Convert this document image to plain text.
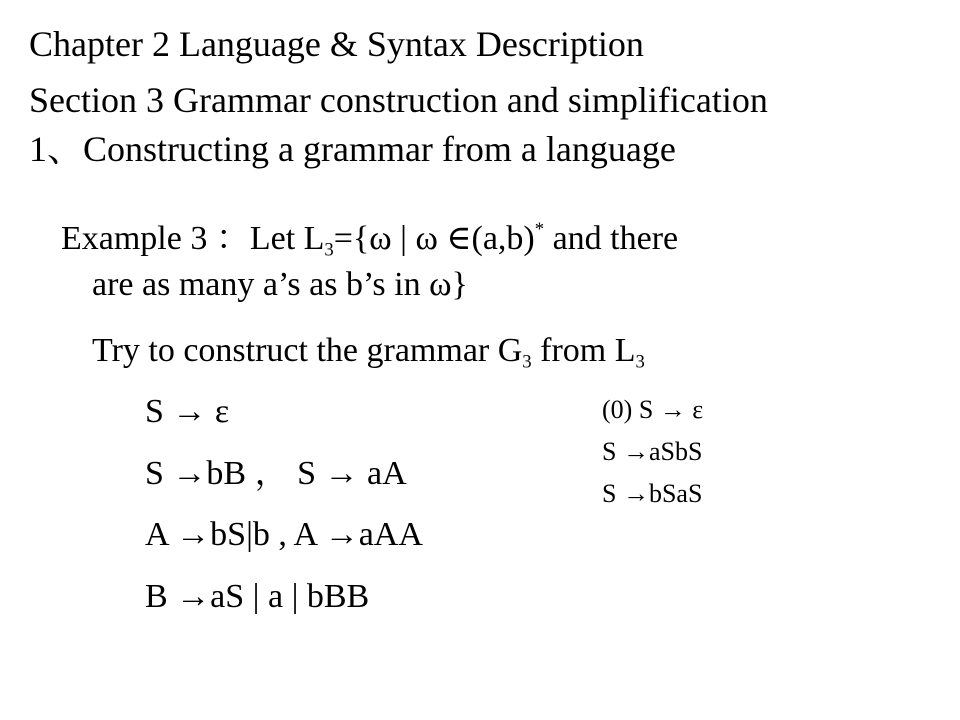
Chapter 2 Language & Syntax Description
Section 3 Grammar construction and simplification
1、Constructing a grammar from a language
Example 3 ：Let $L_3=\{\omega$ | ω ∈(a,b)* and there
are as many a’s as b’s in ω}
Try to construct the grammar $G_3$ from $L_3$
S → ε
S →bB ， S → aA
A →bS|b , A →aAA
B →aS | a | bBB
(0) S → ε
S →aSbS
S →bSaS
